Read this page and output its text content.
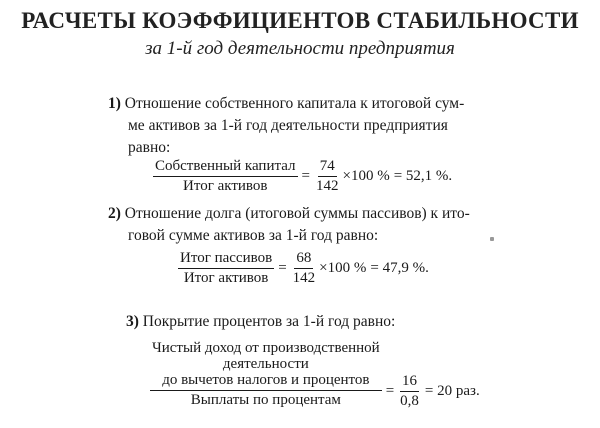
РАСЧЕТЫ КОЭФФИЦИЕНТОВ СТАБИЛЬНОСТИ
за 1-й год деятельности предприятия
1) Отношение собственного капитала к итоговой сум-
ме активов за 1-й год деятельности предприятия
равно:
$\frac{\text{Собственный капитал}}{\text{Итог активов}} = \frac{74}{142} \times 100$ % = 52,1 %.
2) Отношение долга (итоговой суммы пассивов) к ито-
говой сумме активов за 1-й год равно:
$\frac{\text{Итог пассивов}}{\text{Итог активов}} = \frac{68}{142} \times 100$ % = 47,9 %.
3) Покрытие процентов за 1-й год равно:
Чистый доход от производственной
деятельности
до вычетов налогов и процентов
Выплаты по процентам
= $\frac{16}{0,8} = 20$ раз.
